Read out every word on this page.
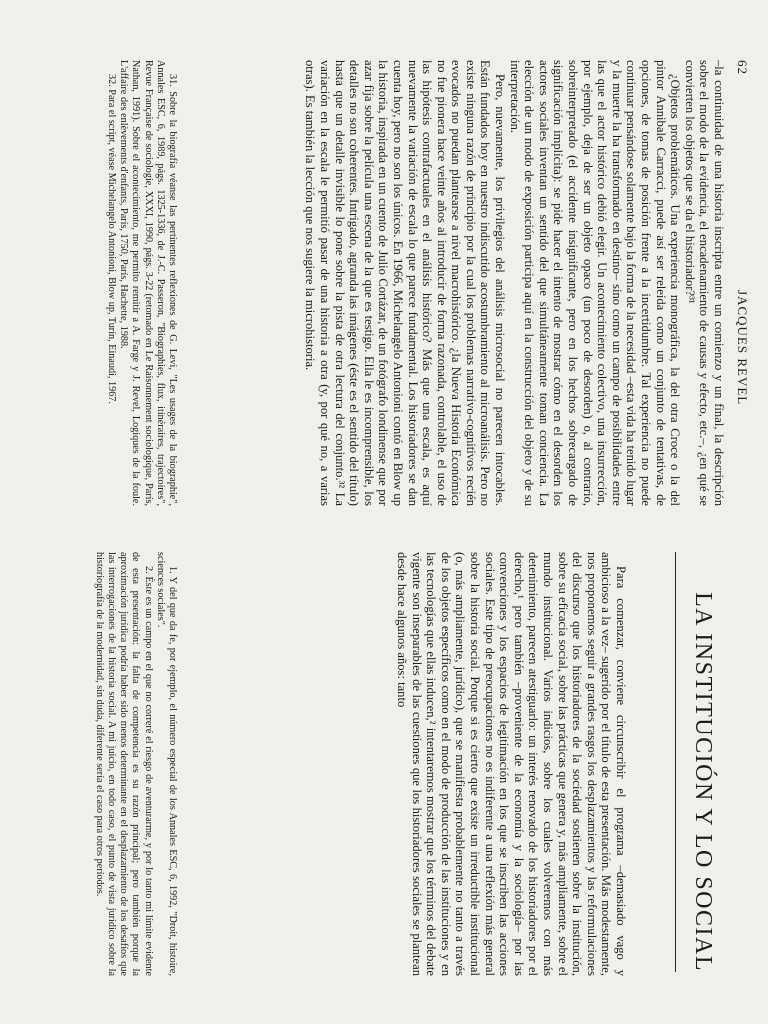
62
JACQUES REVEL

–la continuidad de una historia inscripta entre un comienzo y un final, la descripción sobre el modo de la evidencia, el encadenamiento de causas y efecto, etc.–, ¿en qué se convierten los objetos que se da el historiador?³¹

¿Objetos problemáticos. Una experiencia monográfica, la del otra Croce o la del pintor Annibale Carracci, puede así ser releída como un conjunto de tentativas, de opciones, de tomas de posición frente a la incertidumbre. Tal experiencia no puede continuar pensándose solamente bajo la forma de la necesidad –esta vida ha tenido lugar y la muerte la ha transformado en destino– sino como un campo de posibilidades entre las que el actor histórico debió elegir. Un acontecimiento colectivo, una insurrección, por ejemplo, deja de ser un objeto opaco (un poco de desorden) o, al contrario, sobreinterpretado (el accidente insignificante, pero en los hechos sobrecargado de significación implícita): se pide hacer el intento de mostrar cómo en el desorden los actores sociales inventan un sentido del que simultáneamente toman conciencia. La elección de un modo de exposición participa aquí en la construcción del objeto y de su interpretación.

Pero, nuevamente, los privilegios del análisis microsocial no parecen intocables. Están fundados hoy en nuestro indiscutido acostumbramiento al microanálisis. Pero no existe ninguna razón de principio por la cual los problemas narrativo-cognitivos recién evocados no puedan plantearse a nivel macrohistórico. ¿la Nueva Historia Económica no fue pionera hace veinte años al introducir de forma razonada, controlable, el uso de las hipótesis contrafactuales en el análisis histórico? Más que una escala, es aquí nuevamente la variación de escala lo que parece fundamental. Los historiadores se dan cuenta hoy, pero no son los únicos. En 1966, Michelangelo Antonioni contó en Blow up la historia, inspirada en un cuento de Julio Cortázar, de un fotógrafo londinense que por azar fija sobre la película una escena de la que es testigo. Ella le es incomprensible, los detalles no son coherentes. Intrigado, agranda las imágenes (éste es el sentido del título) hasta que un detalle invisible lo pone sobre la pista de otra lectura del conjunto.³² La variación en la escala le permitió pasar de una historia a otra (y, por qué no, a varias otras). Es también la lección que nos sugiere la microhistoria.

31. Sobre la biografía véanse las pertinentes reflexiones de G. Levi, "Les usages de la biographie", Annales ESC, 6, 1989, págs. 1325-1336, de J.-C. Passeron, "Biographies, flux, itinéraires, trajectoires", Revue Française de sociologie, XXXI, 1990, págs. 3-22 (retomado en Le Raisonnement sociologique, París, Nathan, 1991). Sobre el acontecimiento, me permito remitir a A. Farge y J. Revel, Logiques de la foule. L'affaire des enlèvements d'enfants, París, 1750, París, Hachette, 1988.

32. Para el script, véase Michelangelo Antonioni, Blow up, Turín, Einaudi, 1967.

LA INSTITUCIÓN Y LO SOCIAL

Para comenzar, conviene circunscribir el programa –demasiado vago y ambicioso a la vez– sugerido por el título de esta presentación. Más modestamente, nos proponemos seguir a grandes rasgos los desplazamientos y las reformulaciones del discurso que los historiadores de la sociedad sostienen sobre la institución, sobre su eficacia social, sobre las prácticas que genera y, más ampliamente, sobre el mundo institucional. Varios indicios, sobre los cuales volveremos con más detenimiento, parecen atestiguarlo: un interés renovado de los historiadores por el derecho,¹ pero también –proveniente de la economía y la sociología– por las convenciones y los espacios de legitimación en los que se inscriben las acciones sociales. Este tipo de preocupaciones no es indiferente a una reflexión más general sobre la historia social. Porque si es cierto que existe un irreductible institucional (o, más ampliamente, jurídico), que se manifiesta probablemente no tanto a través de los objetos específicos como en el modo de producción de las instituciones y en las tecnologías que ellas inducen,² intentaremos mostrar que los términos del debate vigente son inseparables de las cuestiones que los historiadores sociales se plantean desde hace algunos años: tanto

1. Y del que da fe, por ejemplo, el número especial de los Annales ESC, 6, 1992, "Droit, histoire, sciences sociales".

2. Éste es un campo en el que no correré el riesgo de aventurarme, y por lo tanto mi límite evidente de esta presentación: la falta de competencia es su razón principal; pero también porque la aproximación jurídica podría haber sido menos determinante en el desplazamiento de los desafíos que las interrogaciones de la historia social. A mi juicio, en todo caso, el punto de vista jurídico sobre la historiografía de la modernidad, sin duda, diferente sería el caso para otros períodos.
